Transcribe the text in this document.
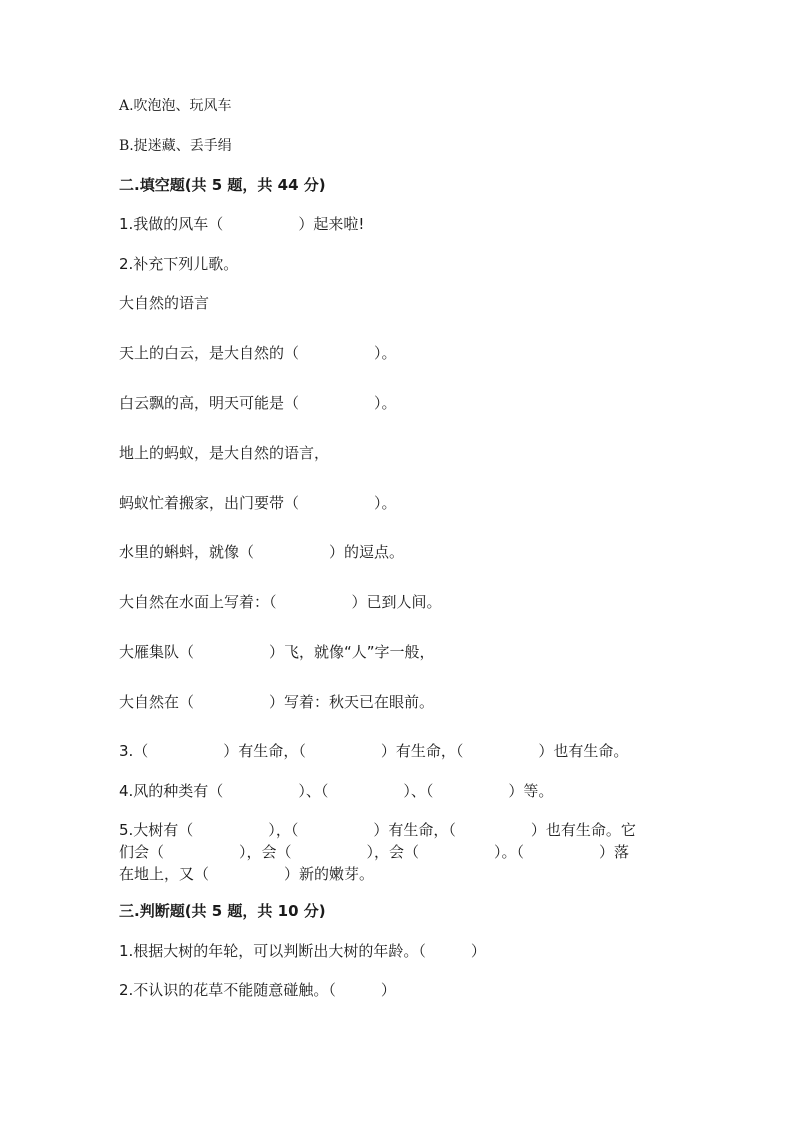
A.吹泡泡、玩风车
B.捉迷藏、丢手绢
二.填空题(共 5 题，共 44 分)
1.我做的风车（　　　　　）起来啦!
2.补充下列儿歌。
大自然的语言
天上的白云，是大自然的（　　　　　）。
白云飘的高，明天可能是（　　　　　）。
地上的蚂蚁，是大自然的语言，
蚂蚁忙着搬家，出门要带（　　　　　）。
水里的蝌蚪，就像（　　　　　）的逗点。
大自然在水面上写着：（　　　　　）已到人间。
大雁集队（　　　　　）飞，就像“人”字一般，
大自然在（　　　　　）写着：秋天已在眼前。
3.（　　　　　）有生命，（　　　　　）有生命，（　　　　　）也有生命。
4.风的种类有（　　　　　）、（　　　　　）、（　　　　　）等。
5.大树有（　　　　　），（　　　　　）有生命，（　　　　　）也有生命。它
们会（　　　　　），会（　　　　　），会（　　　　　）。（　　　　　）落
在地上，又（　　　　　）新的嫩芽。
三.判断题(共 5 题，共 10 分)
1.根据大树的年轮，可以判断出大树的年龄。（　　　）
2.不认识的花草不能随意碰触。（　　　）
